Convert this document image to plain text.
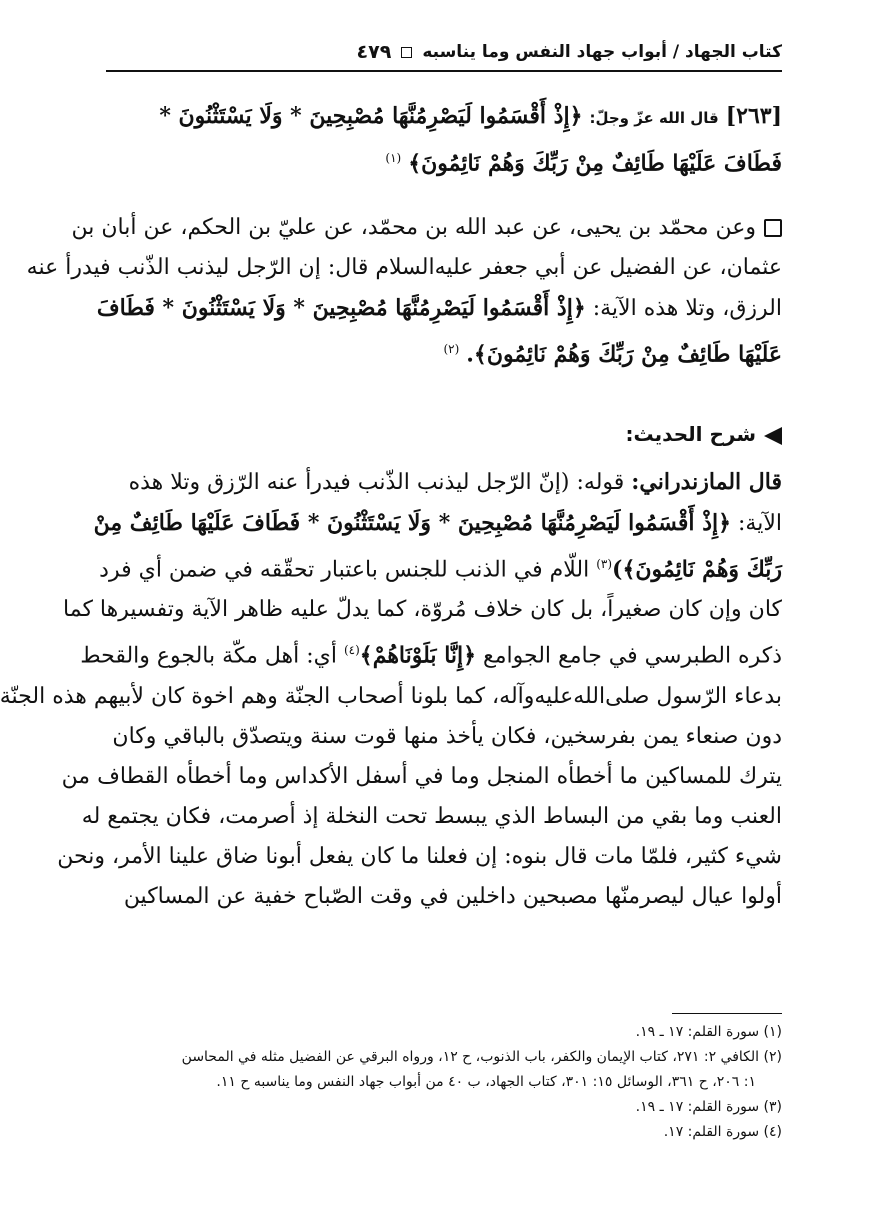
كتاب الجهاد / أبواب جهاد النفس وما يناسبه
٤٧٩
[٢٦٣] قال الله عزّ وجلّ: ﴿إِذْ أَقْسَمُوا لَيَصْرِمُنَّهَا مُصْبِحِينَ * وَلَا يَسْتَثْنُونَ *
فَطَافَ عَلَيْهَا طَائِفٌ مِنْ رَبِّكَ وَهُمْ نَائِمُونَ﴾ $^{(١)}$
وعن محمّد بن يحيى، عن عبد الله بن محمّد، عن عليّ بن الحكم، عن أبان بن
عثمان، عن الفضيل عن أبي جعفر عليه‌السلام قال: إن الرّجل ليذنب الذّنب فيدرأ عنه
الرزق، وتلا هذه الآية: ﴿إِذْ أَقْسَمُوا لَيَصْرِمُنَّهَا مُصْبِحِينَ * وَلَا يَسْتَثْنُونَ * فَطَافَ
عَلَيْهَا طَائِفٌ مِنْ رَبِّكَ وَهُمْ نَائِمُونَ﴾. $^{(٢)}$
شرح الحديث:
قال المازندراني: قوله: (إنّ الرّجل ليذنب الذّنب فيدرأ عنه الرّزق وتلا هذه
الآية: ﴿إِذْ أَقْسَمُوا لَيَصْرِمُنَّهَا مُصْبِحِينَ * وَلَا يَسْتَثْنُونَ * فَطَافَ عَلَيْهَا طَائِفٌ مِنْ
رَبِّكَ وَهُمْ نَائِمُونَ﴾)$^{(٣)}$ اللّام في الذنب للجنس باعتبار تحقّقه في ضمن أي فرد
كان وإن كان صغيراً، بل كان خلاف مُروّة، كما يدلّ عليه ظاهر الآية وتفسيرها كما
ذكره الطبرسي في جامع الجوامع ﴿إِنَّا بَلَوْنَاهُمْ﴾$^{(٤)}$ أي: أهل مكّة بالجوع والقحط
بدعاء الرّسول صلى‌الله‌عليه‌وآله، كما بلونا أصحاب الجنّة وهم اخوة كان لأبيهم هذه الجنّة
دون صنعاء يمن بفرسخين، فكان يأخذ منها قوت سنة ويتصدّق بالباقي وكان
يترك للمساكين ما أخطأه المنجل وما في أسفل الأكداس وما أخطأه القطاف من
العنب وما بقي من البساط الذي يبسط تحت النخلة إذ أصرمت، فكان يجتمع له
شيء كثير، فلمّا مات قال بنوه: إن فعلنا ما كان يفعل أبونا ضاق علينا الأمر، ونحن
أولوا عيال ليصرمنّها مصبحين داخلين في وقت الصّباح خفية عن المساكين
(١) سورة القلم: ١٧ ـ ١٩.
(٢) الكافي ٢: ٢٧١، كتاب الإيمان والكفر، باب الذنوب، ح ١٢، ورواه البرقي عن الفضيل مثله في المحاسن
١: ٢٠٦، ح ٣٦١، الوسائل ١٥: ٣٠١، كتاب الجهاد، ب ٤٠ من أبواب جهاد النفس وما يناسبه ح ١١.
(٣) سورة القلم: ١٧ ـ ١٩.
(٤) سورة القلم: ١٧.
